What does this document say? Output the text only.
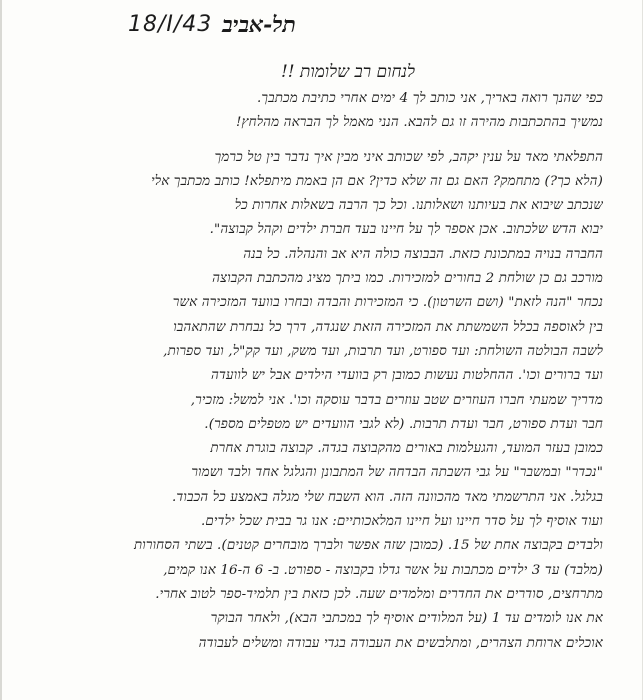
18/I/43 תל-אביב
לנחום רב שלומות !!
כפי שהנך רואה באריך, אני כותב לך 4 ימים אחרי כתיבת מכתבך.
נמשיך בהתכתבות מהירה זו גם להבא. הנני מאמל לך הבראה מהלחץ!
התפלאתי מאד על ענין יקהב, לפי שכותב איני מבין איך נדבר בין טל כרמך
(הלא כך?) מתחמק? האם גם זה שלא כדין? אם הן באמת מיתפלא! כותב מכתבך אלי
שנכתב שיבוא את בעיותנו ושאלותנו. וכל כך הרבה בשאלות אחרות כל
יבוא הדש שלכתוב. אכן אספר לך על חיינו בעד חברת ילדים וקהל קבוצה".
החברה בנויה במתכונת כזאת. הבבוצה כולה היא אב והנהלה. כל בנה
מורכב גם כן שולחת 2 בחורים למזכירות. כמו ביתך מציג מהכתבת הקבוצה
נכחר "הנה לזאת" (ושם השרטון). כי המזכירות והבדה ובחרו בוועד המזכירה אשר
בין לאוספה בכלל השמשתת את המזכירה הזאת שנגדה, דרך כל נבחרת שהתאהבו
לשבה הבולטה השולחת: ועד ספורט, ועד תרבות, ועד משק, ועד קק"ל, ועד ספרות,
ועד ברורים וכו'. ההחלטות נעשות כמובן רק בוועדי הילדים אבל יש לוועדה
מדריך שמעתי חברו העוזרים שטב עוזרים בדבר עוסקה וכו'. אני למשל: מזכיר,
חבר ועדת ספורט, חבר ועדת תרבות. (לא לגבי הוועדים יש מטפלים מספר).
כמובן בעזר המועד, והגעלמות באורים מהקבוצה בגדה. קבוצה בוגרת אחרת
"נכדר" ובמשבר" על גבי השבתה הבדחה של המתבונן והגלגל אחד ולבד ושמור
בגלגל. אני התרשמתי מאד מהכוונה הזה. הוא השבח שלי מגלה באמצע כל הכבוד.
ועוד אוסיף לך על סדר חיינו ועל חיינו המלאכותיים: אנו גר בבית שכל ילדים.
ולבדים בקבוצה אחת של 15. (כמובן שזה אפשר ולברך מובחרים קטנים). בשתי הסחורות
(מלבד) עד 3 ילדים מכתבות על אשר גדלו בקבוצה - ספורט. ב- 6 ה-16 אנו קמים,
מתרחצים, סודרים את החדרים ומלמדים שעה. לכן כזאת בין תלמיד-ספר לטוב אחרי.
את אנו לומדים עד 1 (על המלודים אוסיף לך במכתבי הבא), ולאחר הבוקר
אוכלים ארוחת הצהרים, ומתלבשים את העבודה בגדי עבודה ומשלים לעבודה
